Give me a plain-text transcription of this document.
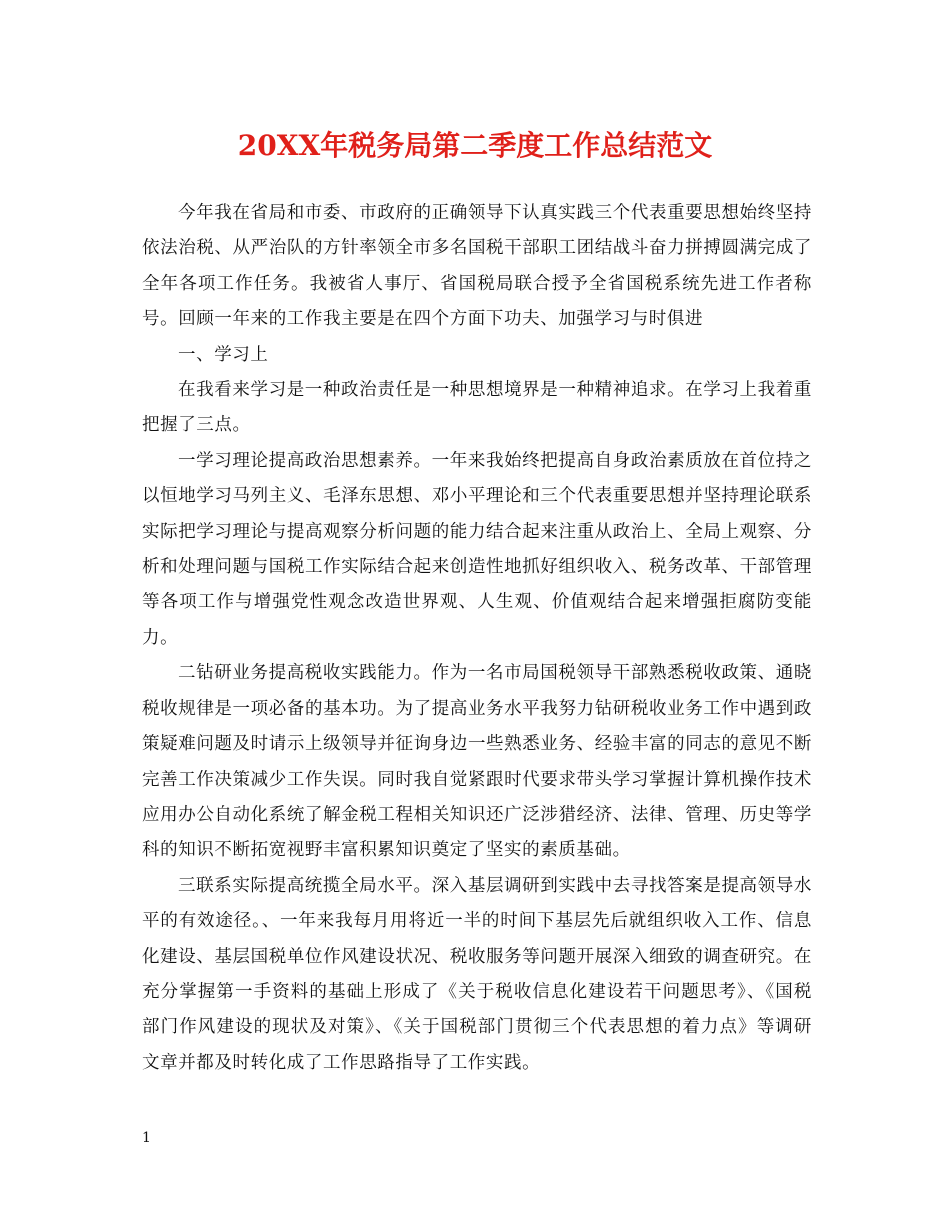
20XX年税务局第二季度工作总结范文

今年我在省局和市委、市政府的正确领导下认真实践三个代表重要思想始终坚持依法治税、从严治队的方针率领全市多名国税干部职工团结战斗奋力拼搏圆满完成了全年各项工作任务。我被省人事厅、省国税局联合授予全省国税系统先进工作者称号。回顾一年来的工作我主要是在四个方面下功夫、加强学习与时俱进

一、学习上

在我看来学习是一种政治责任是一种思想境界是一种精神追求。在学习上我着重把握了三点。

一学习理论提高政治思想素养。一年来我始终把提高自身政治素质放在首位持之以恒地学习马列主义、毛泽东思想、邓小平理论和三个代表重要思想并坚持理论联系实际把学习理论与提高观察分析问题的能力结合起来注重从政治上、全局上观察、分析和处理问题与国税工作实际结合起来创造性地抓好组织收入、税务改革、干部管理等各项工作与增强党性观念改造世界观、人生观、价值观结合起来增强拒腐防变能力。

二钻研业务提高税收实践能力。作为一名市局国税领导干部熟悉税收政策、通晓税收规律是一项必备的基本功。为了提高业务水平我努力钻研税收业务工作中遇到政策疑难问题及时请示上级领导并征询身边一些熟悉业务、经验丰富的同志的意见不断完善工作决策减少工作失误。同时我自觉紧跟时代要求带头学习掌握计算机操作技术应用办公自动化系统了解金税工程相关知识还广泛涉猎经济、法律、管理、历史等学科的知识不断拓宽视野丰富积累知识奠定了坚实的素质基础。

三联系实际提高统揽全局水平。深入基层调研到实践中去寻找答案是提高领导水平的有效途径。、一年来我每月用将近一半的时间下基层先后就组织收入工作、信息化建设、基层国税单位作风建设状况、税收服务等问题开展深入细致的调查研究。在充分掌握第一手资料的基础上形成了《关于税收信息化建设若干问题思考》、《国税部门作风建设的现状及对策》、《关于国税部门贯彻三个代表思想的着力点》等调研文章并都及时转化成了工作思路指导了工作实践。

1
